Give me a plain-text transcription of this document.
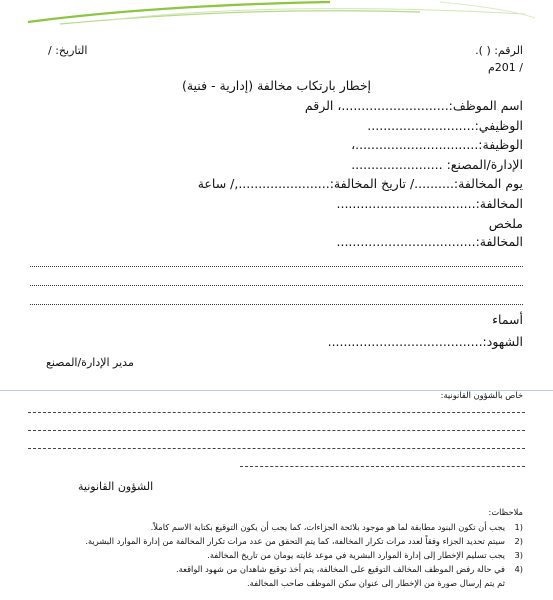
الرقم: ( ).
التاريخ: /
/ 201م
إخطار بارتكاب مخالفة (إدارية - فنية)
اسم الموظف:...........................، الرقم
الوظيفي:...........................
الوظيفة:...............................،
الإدارة/المصنع: .......................
يوم المخالفة:........../ تاريخ المخالفة:.......................,/ ساعة
المخالفة:...................................
ملخص
المخالفة:...................................
أسماء
الشهود:.......................................
مدير الإدارة/المصنع
خاص بالشؤون القانونية:
الشؤون القانونية
ملاحظات:
يجب أن تكون البنود مطابقة لما هو موجود بلائحة الجزاءات، كما يجب أن يكون التوقيع بكتابة الاسم كاملاً. 1)
سيتم تحديد الجزاء وفقاً لعدد مرات تكرار المخالفة، كما يتم التحقق من عدد مرات تكرار المخالفة من إدارة الموارد البشرية. 2)
يجب تسليم الإخطار إلى إدارة الموارد البشرية في موعد غايته يومان من تاريخ المخالفة. 3)
في حالة رفض الموظف المخالف التوقيع على المخالفة، يتم أخذ توقيع شاهدان من شهود الواقعة. 4)
ثم يتم إرسال صورة من الإخطار إلى عنوان سكن الموظف صاحب المخالفة.
